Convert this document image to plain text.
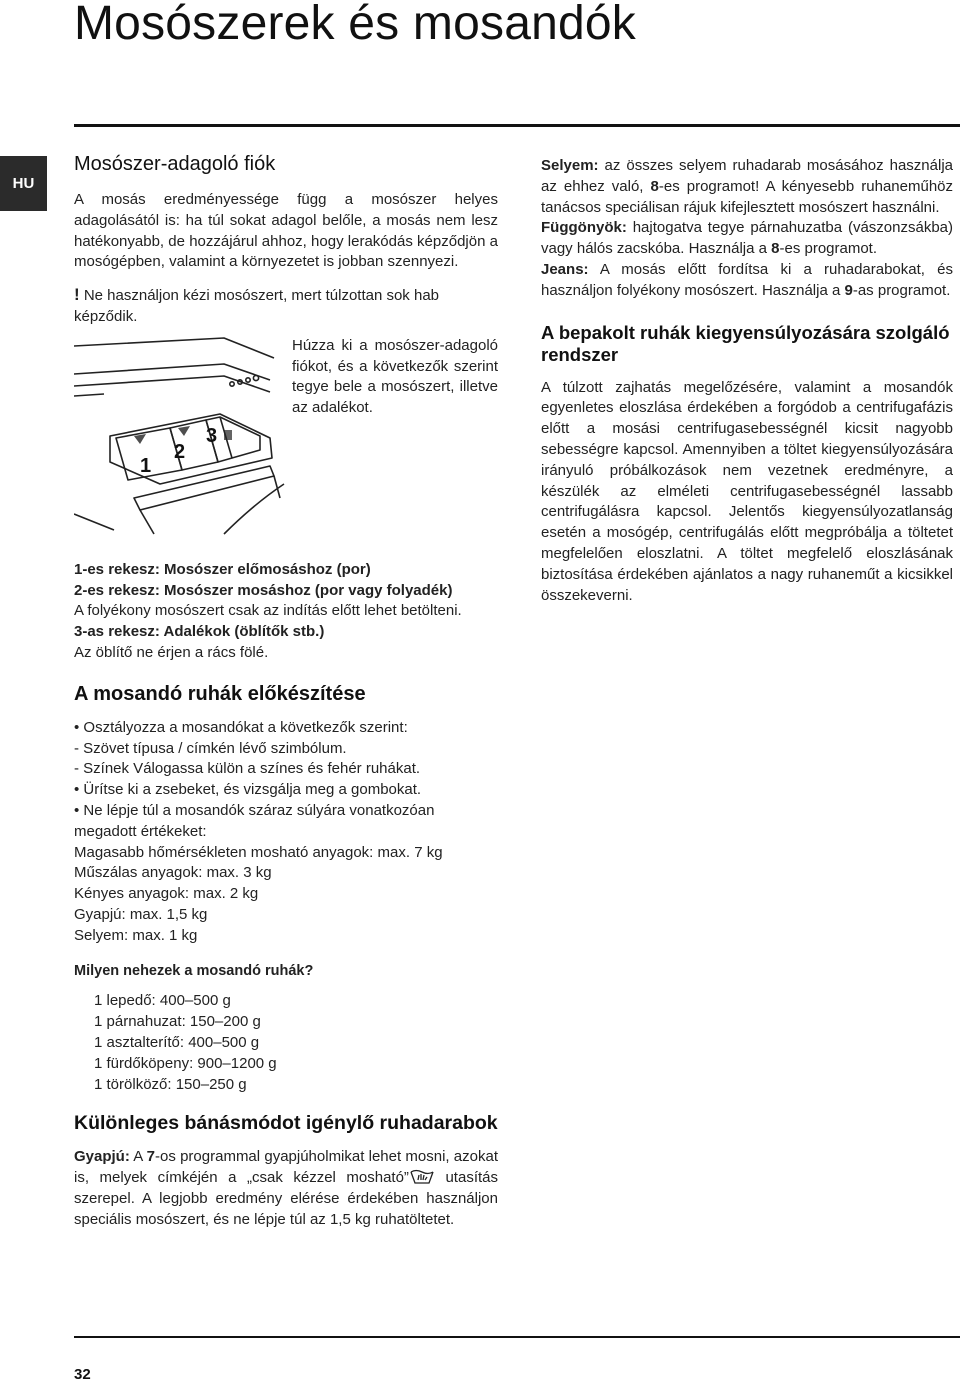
Mosószerek és mosandók
HU
Mosószer-adagoló fiók
A mosás eredményessége függ a mosószer helyes adagolásától is: ha túl sokat adagol belőle, a mosás nem lesz hatékonyabb, de hozzájárul ahhoz, hogy lerakódás képződjön a mosógépben, valamint a környezetet is jobban szennyezi.
! Ne használjon kézi mosószert, mert túlzottan sok hab képződik.
1
2
3
Húzza ki a mosószer-adagoló fiókot, és a következők szerint tegye bele a mosószert, illetve az adalékot.
1-es rekesz: Mosószer előmosáshoz (por)
2-es rekesz: Mosószer mosáshoz (por vagy folyadék)
A folyékony mosószert csak az indítás előtt lehet betölteni.
3-as rekesz: Adalékok (öblítők stb.)
Az öblítő ne érjen a rács fölé.
A mosandó ruhák előkészítése
• Osztályozza a mosandókat a következők szerint:
- Szövet típusa / címkén lévő szimbólum.
- Színek Válogassa külön a színes és fehér ruhákat.
• Ürítse ki a zsebeket, és vizsgálja meg a gombokat.
• Ne lépje túl a mosandók száraz súlyára vonatkozóan megadott értékeket:
Magasabb hőmérsékleten mosható anyagok: max. 7 kg
Műszálas anyagok: max. 3 kg
Kényes anyagok: max. 2 kg
Gyapjú: max. 1,5 kg
Selyem: max. 1 kg
Milyen nehezek a mosandó ruhák?
1 lepedő: 400–500 g
1 párnahuzat: 150–200 g
1 asztalterítő: 400–500 g
1 fürdőköpeny: 900–1200 g
1 törölköző: 150–250 g
Különleges bánásmódot igénylő ruhadarabok
Gyapjú: A 7-os programmal gyapjúholmikat lehet mosni, azokat is, melyek címkéjén a „csak kézzel mosható” utasítás szerepel. A legjobb eredmény elérése érdekében használjon speciális mosószert, és ne lépje túl az 1,5 kg ruhatöltetet.
Selyem: az összes selyem ruhadarab mosásához használja az ehhez való, 8-es programot! A kényesebb ruhaneműhöz tanácsos speciálisan rájuk kifejlesztett mosószert használni.
Függönyök: hajtogatva tegye párnahuzatba (vászonzsákba) vagy hálós zacskóba. Használja a 8-es programot.
Jeans: A mosás előtt fordítsa ki a ruhadarabokat, és használjon folyékony mosószert. Használja a 9-as programot.
A bepakolt ruhák kiegyensúlyozására szolgáló rendszer
A túlzott zajhatás megelőzésére, valamint a mosandók egyenletes eloszlása érdekében a forgódob a centrifugafázis előtt a mosási centrifugasebességnél kicsit nagyobb sebességre kapcsol. Amennyiben a töltet kiegyensúlyozására irányuló próbálkozások nem vezetnek eredményre, a készülék az elméleti centrifugasebességnél lassabb centrifugálásra kapcsol. Jelentős kiegyensúlyozatlanság esetén a mosógép, centrifugálás előtt megpróbálja a töltetet megfelelően eloszlatni. A töltet megfelelő eloszlásának biztosítása érdekében ajánlatos a nagy ruhaneműt a kicsikkel összekeverni.
32
